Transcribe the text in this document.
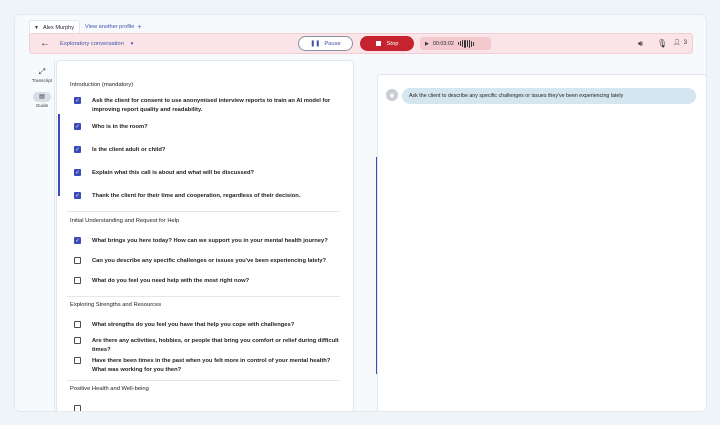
▼ Alex Murphy View another profile +
←	Exploratory conversation ▼	❚❚ Pause	Stop	▶ 00:03:02	🔊︎ 🎙︎ 👤︎ 3
⤢
Transcript
▤
Guide
Introduction (mandatory)
✓ Ask the client for consent to use anonymised interview reports to train an AI model for improving report quality and readability.
✓ Who is in the room?
✓ Is the client adult or child?
✓ Explain what this call is about and what will be discussed?
✓ Thank the client for their time and cooperation, regardless of their decision.
Initial Understanding and Request for Help
✓ What brings you here today? How can we support you in your mental health journey?
Can you describe any specific challenges or issues you've been experiencing lately?
What do you feel you need help with the most right now?
Exploring Strengths and Resources
What strengths do you feel you have that help you cope with challenges?
Are there any activities, hobbies, or people that bring you comfort or relief during difficult times?
Have there been times in the past when you felt more in control of your mental health? What was working for you then?
Positive Health and Well-being
◉	Ask the client to describe any specific challenges or issues they've been experiencing lately
